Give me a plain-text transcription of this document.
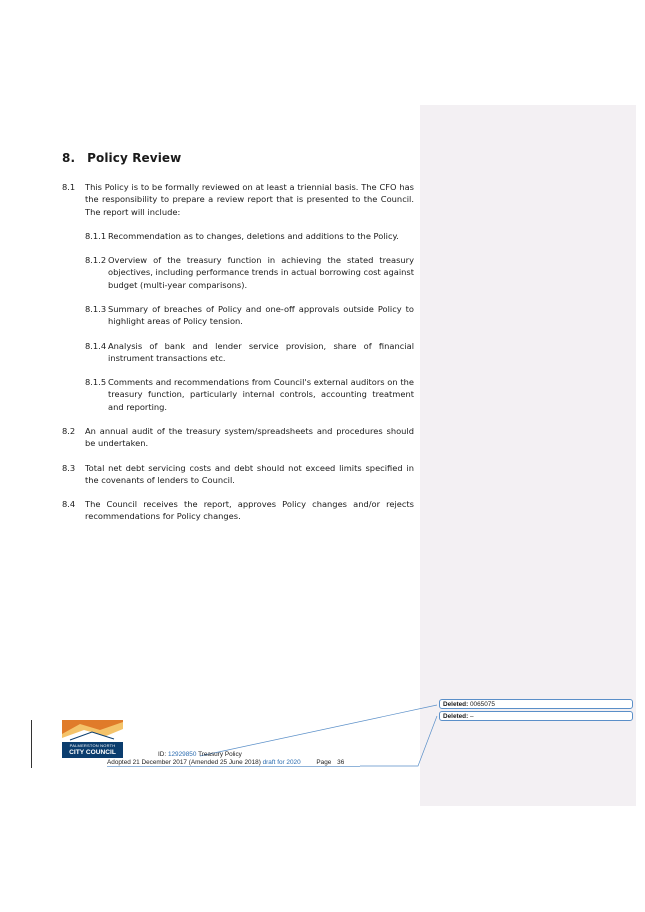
8. Policy Review
8.1	This Policy is to be formally reviewed on at least a triennial basis. The CFO has the responsibility to prepare a review report that is presented to the Council. The report will include:
8.1.1 Recommendation as to changes, deletions and additions to the Policy.
8.1.2 Overview of the treasury function in achieving the stated treasury objectives, including performance trends in actual borrowing cost against budget (multi-year comparisons).
8.1.3 Summary of breaches of Policy and one-off approvals outside Policy to highlight areas of Policy tension.
8.1.4 Analysis of bank and lender service provision, share of financial instrument transactions etc.
8.1.5 Comments and recommendations from Council's external auditors on the treasury function, particularly internal controls, accounting treatment and reporting.
8.2	An annual audit of the treasury system/spreadsheets and procedures should be undertaken.
8.3	Total net debt servicing costs and debt should not exceed limits specified in the covenants of lenders to Council.
8.4	The Council receives the report, approves Policy changes and/or rejects recommendations for Policy changes.
Deleted: 0065075
Deleted: –
PALMERSTON NORTH
CITY COUNCIL	ID: 12929850 Treasury Policy
Adopted 21 December 2017 (Amended 25 June 2018) draft for 2020 Page 36
